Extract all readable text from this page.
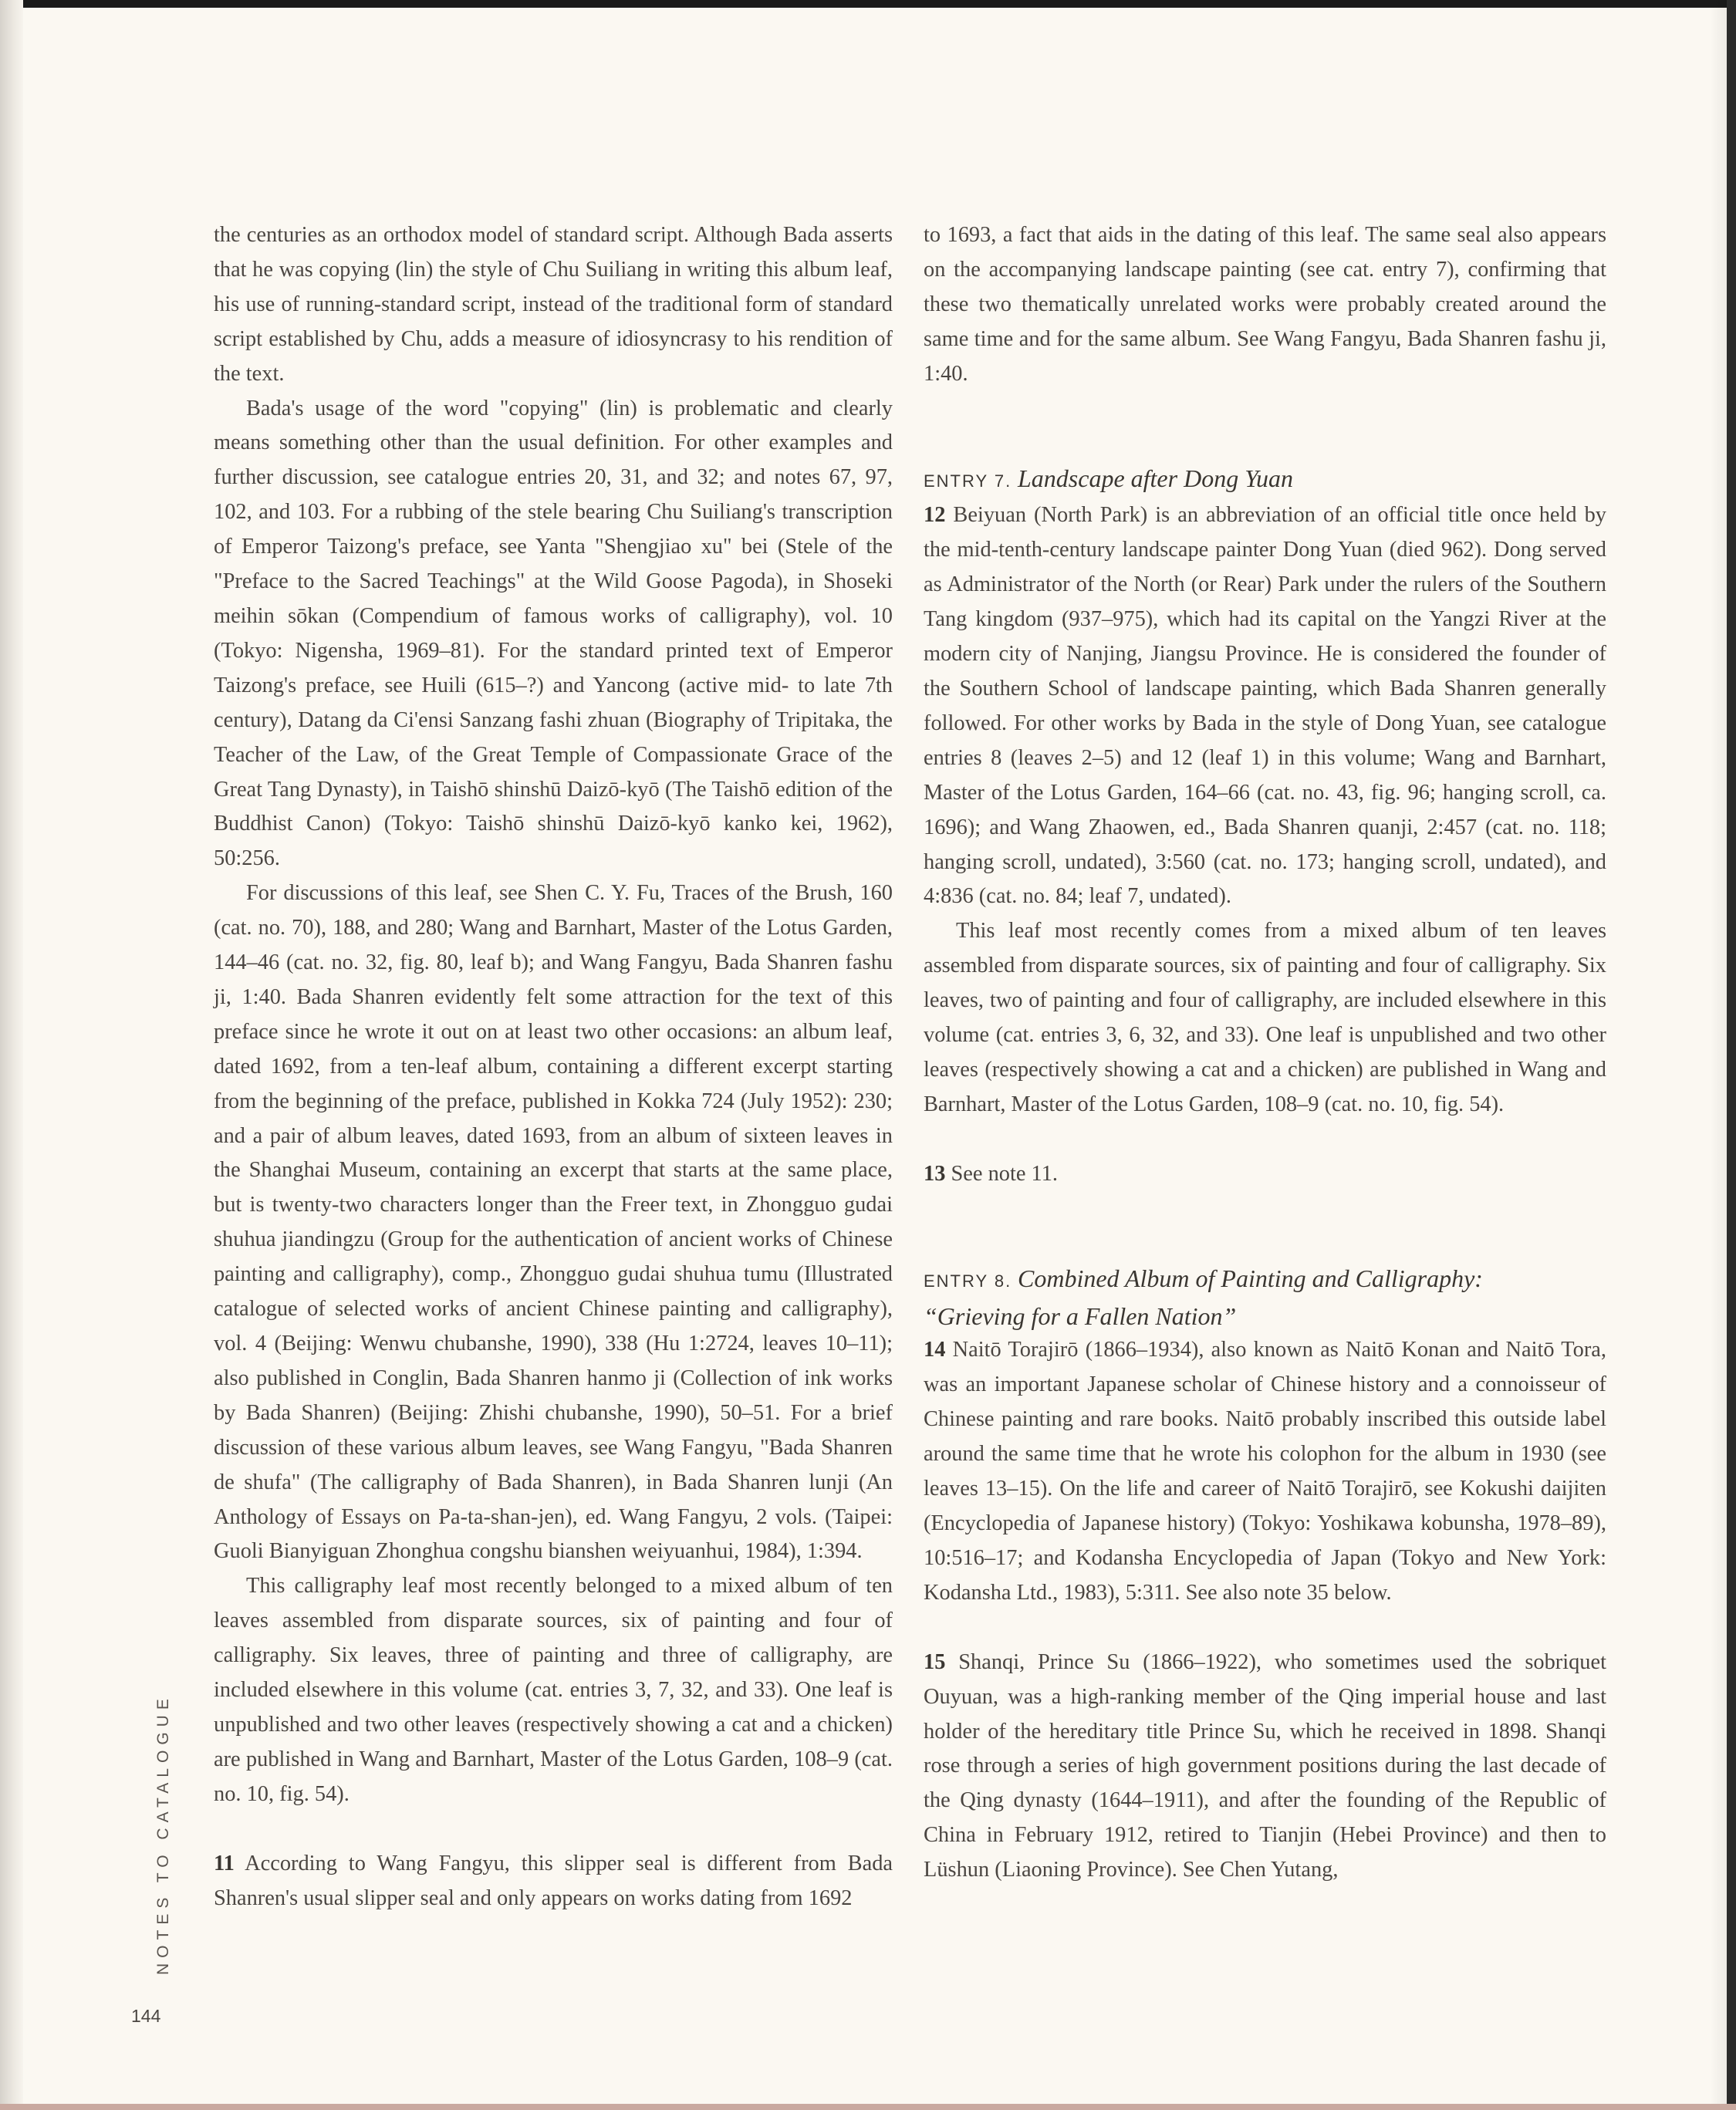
the centuries as an orthodox model of standard script. Although Bada asserts that he was copying (lin) the style of Chu Suiliang in writing this album leaf, his use of running-standard script, instead of the traditional form of standard script established by Chu, adds a measure of idiosyncrasy to his rendition of the text.

Bada's usage of the word "copying" (lin) is problematic and clearly means something other than the usual definition. For other examples and further discussion, see catalogue entries 20, 31, and 32; and notes 67, 97, 102, and 103. For a rubbing of the stele bearing Chu Suiliang's transcription of Emperor Taizong's preface, see Yanta "Shengjiao xu" bei (Stele of the "Preface to the Sacred Teachings" at the Wild Goose Pagoda), in Shoseki meihin sōkan (Compendium of famous works of calligraphy), vol. 10 (Tokyo: Nigensha, 1969–81). For the standard printed text of Emperor Taizong's preface, see Huili (615–?) and Yancong (active mid- to late 7th century), Datang da Ci'ensi Sanzang fashi zhuan (Biography of Tripitaka, the Teacher of the Law, of the Great Temple of Compassionate Grace of the Great Tang Dynasty), in Taishō shinshū Daizō-kyō (The Taishō edition of the Buddhist Canon) (Tokyo: Taishō shinshū Daizō-kyō kanko kei, 1962), 50:256.

For discussions of this leaf, see Shen C. Y. Fu, Traces of the Brush, 160 (cat. no. 70), 188, and 280; Wang and Barnhart, Master of the Lotus Garden, 144–46 (cat. no. 32, fig. 80, leaf b); and Wang Fangyu, Bada Shanren fashu ji, 1:40. Bada Shanren evidently felt some attraction for the text of this preface since he wrote it out on at least two other occasions: an album leaf, dated 1692, from a ten-leaf album, containing a different excerpt starting from the beginning of the preface, published in Kokka 724 (July 1952): 230; and a pair of album leaves, dated 1693, from an album of sixteen leaves in the Shanghai Museum, containing an excerpt that starts at the same place, but is twenty-two characters longer than the Freer text, in Zhongguo gudai shuhua jiandingzu (Group for the authentication of ancient works of Chinese painting and calligraphy), comp., Zhongguo gudai shuhua tumu (Illustrated catalogue of selected works of ancient Chinese painting and calligraphy), vol. 4 (Beijing: Wenwu chubanshe, 1990), 338 (Hu 1:2724, leaves 10–11); also published in Conglin, Bada Shanren hanmo ji (Collection of ink works by Bada Shanren) (Beijing: Zhishi chubanshe, 1990), 50–51. For a brief discussion of these various album leaves, see Wang Fangyu, "Bada Shanren de shufa" (The calligraphy of Bada Shanren), in Bada Shanren lunji (An Anthology of Essays on Pa-ta-shan-jen), ed. Wang Fangyu, 2 vols. (Taipei: Guoli Bianyiguan Zhonghua congshu bianshen weiyuanhui, 1984), 1:394.

This calligraphy leaf most recently belonged to a mixed album of ten leaves assembled from disparate sources, six of painting and four of calligraphy. Six leaves, three of painting and three of calligraphy, are included elsewhere in this volume (cat. entries 3, 7, 32, and 33). One leaf is unpublished and two other leaves (respectively showing a cat and a chicken) are published in Wang and Barnhart, Master of the Lotus Garden, 108–9 (cat. no. 10, fig. 54).

11 According to Wang Fangyu, this slipper seal is different from Bada Shanren's usual slipper seal and only appears on works dating from 1692

to 1693, a fact that aids in the dating of this leaf. The same seal also appears on the accompanying landscape painting (see cat. entry 7), confirming that these two thematically unrelated works were probably created around the same time and for the same album. See Wang Fangyu, Bada Shanren fashu ji, 1:40.

ENTRY 7. Landscape after Dong Yuan

12 Beiyuan (North Park) is an abbreviation of an official title once held by the mid-tenth-century landscape painter Dong Yuan (died 962). Dong served as Administrator of the North (or Rear) Park under the rulers of the Southern Tang kingdom (937–975), which had its capital on the Yangzi River at the modern city of Nanjing, Jiangsu Province. He is considered the founder of the Southern School of landscape painting, which Bada Shanren generally followed. For other works by Bada in the style of Dong Yuan, see catalogue entries 8 (leaves 2–5) and 12 (leaf 1) in this volume; Wang and Barnhart, Master of the Lotus Garden, 164–66 (cat. no. 43, fig. 96; hanging scroll, ca. 1696); and Wang Zhaowen, ed., Bada Shanren quanji, 2:457 (cat. no. 118; hanging scroll, undated), 3:560 (cat. no. 173; hanging scroll, undated), and 4:836 (cat. no. 84; leaf 7, undated).

This leaf most recently comes from a mixed album of ten leaves assembled from disparate sources, six of painting and four of calligraphy. Six leaves, two of painting and four of calligraphy, are included elsewhere in this volume (cat. entries 3, 6, 32, and 33). One leaf is unpublished and two other leaves (respectively showing a cat and a chicken) are published in Wang and Barnhart, Master of the Lotus Garden, 108–9 (cat. no. 10, fig. 54).

13 See note 11.

ENTRY 8. Combined Album of Painting and Calligraphy:
“Grieving for a Fallen Nation”

14 Naitō Torajirō (1866–1934), also known as Naitō Konan and Naitō Tora, was an important Japanese scholar of Chinese history and a connoisseur of Chinese painting and rare books. Naitō probably inscribed this outside label around the same time that he wrote his colophon for the album in 1930 (see leaves 13–15). On the life and career of Naitō Torajirō, see Kokushi daijiten (Encyclopedia of Japanese history) (Tokyo: Yoshikawa kobunsha, 1978–89), 10:516–17; and Kodansha Encyclopedia of Japan (Tokyo and New York: Kodansha Ltd., 1983), 5:311. See also note 35 below.

15 Shanqi, Prince Su (1866–1922), who sometimes used the sobriquet Ouyuan, was a high-ranking member of the Qing imperial house and last holder of the hereditary title Prince Su, which he received in 1898. Shanqi rose through a series of high government positions during the last decade of the Qing dynasty (1644–1911), and after the founding of the Republic of China in February 1912, retired to Tianjin (Hebei Province) and then to Lüshun (Liaoning Province). See Chen Yutang,

NOTES TO CATALOGUE
144
